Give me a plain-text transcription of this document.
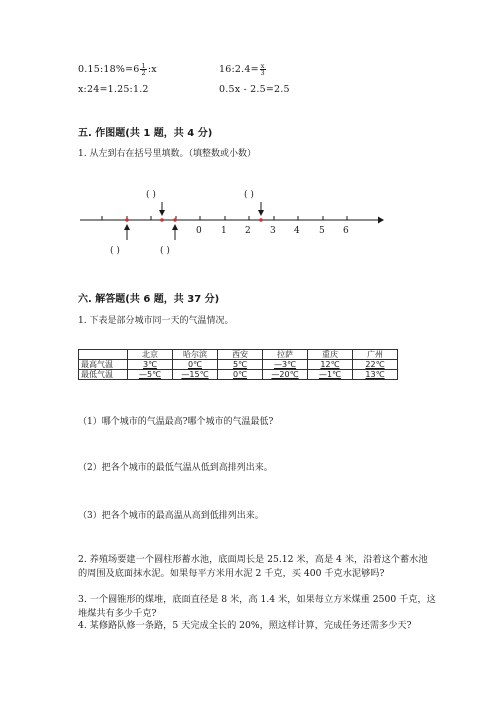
0.15:18%=6 $\frac{1}{2}$ :x	16:2.4= $\frac{x}{3}$
x:24=1.25:1.2	0.5x - 2.5=2.5
五. 作图题(共 1 题，共 4 分)
1. 从左到右在括号里填数。（填整数或小数）
( )	( )
( )	( )
0 1 2 3 4 5 6
六. 解答题(共 6 题，共 37 分)
1. 下表是部分城市同一天的气温情况。
	北京	哈尔滨	西安	拉萨	重庆	广州
最高气温	3℃	0℃	5℃	—3℃	12℃	22℃
最低气温	—5℃	—15℃	0℃	—20℃	—1℃	13℃
（1）哪个城市的气温最高?哪个城市的气温最低?
（2）把各个城市的最低气温从低到高排列出来。
（3）把各个城市的最高温从高到低排列出来。
2. 养殖场要建一个圆柱形蓄水池，底面周长是 25.12 米，高是 4 米，沿着这个蓄水池的周围及底面抹水泥。如果每平方米用水泥 2 千克，买 400 千克水泥够吗?
3. 一个圆锥形的煤堆，底面直径是 8 米，高 1.4 米，如果每立方米煤重 2500 千克，这堆煤共有多少千克?
4. 某修路队修一条路，5 天完成全长的 20%，照这样计算，完成任务还需多少天?
